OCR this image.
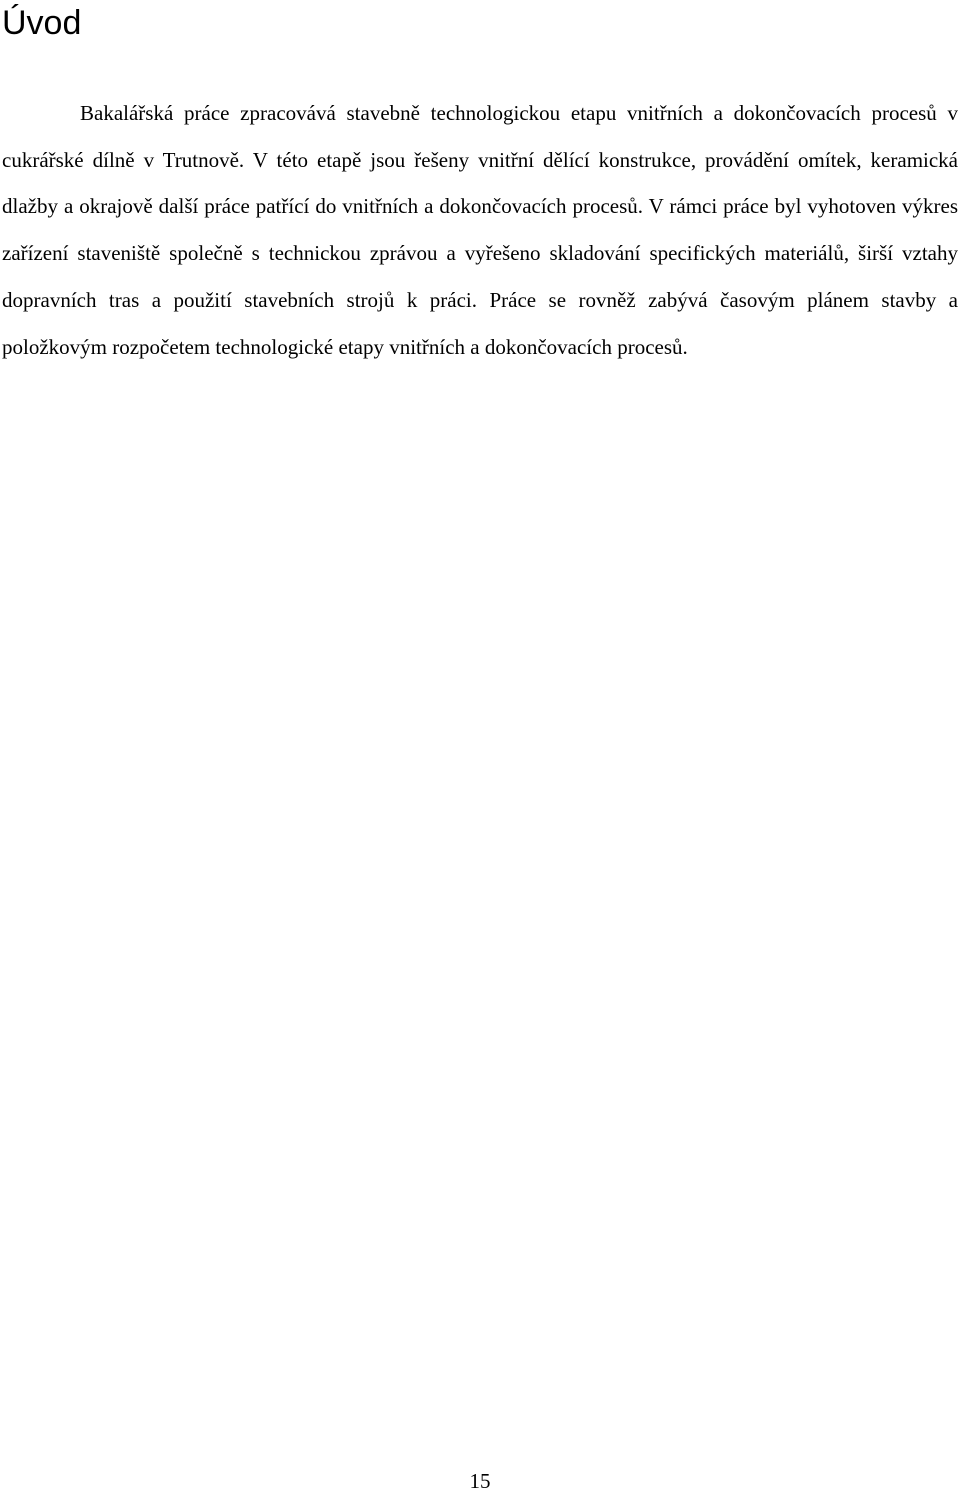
Úvod

Bakalářská práce zpracovává stavebně technologickou etapu vnitřních a dokončovacích procesů v cukrářské dílně v Trutnově. V této etapě jsou řešeny vnitřní dělící konstrukce, provádění omítek, keramická dlažby a okrajově další práce patřící do vnitřních a dokončovacích procesů. V rámci práce byl vyhotoven výkres zařízení staveniště společně s technickou zprávou a vyřešeno skladování specifických materiálů, širší vztahy dopravních tras a použití stavebních strojů k práci. Práce se rovněž zabývá časovým plánem stavby a položkovým rozpočetem technologické etapy vnitřních a dokončovacích procesů.

15
